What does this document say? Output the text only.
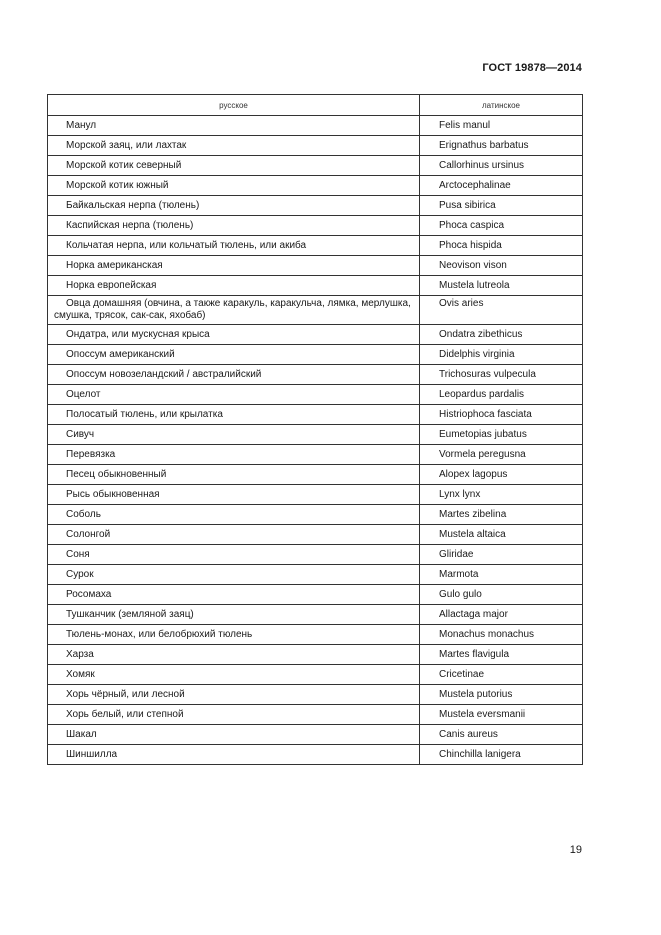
ГОСТ 19878—2014
русское	латинское
Манул	Felis manul
Морской заяц, или лахтак	Erignathus barbatus
Морской котик северный	Callorhinus ursinus
Морской котик южный	Arctocephalinae
Байкальская нерпа (тюлень)	Pusa sibirica
Каспийская нерпа (тюлень)	Phoca caspica
Кольчатая нерпа, или кольчатый тюлень, или акиба	Phoca hispida
Норка американская	Neovison vison
Норка европейская	Mustela lutreola
Овца домашняя (овчина, а также каракуль, каракульча, лямка, мерлушка, смушка, трясок, сак-сак, яхобаб)	Ovis aries
Ондатра, или мускусная крыса	Ondatra zibethicus
Опоссум американский	Didelphis virginia
Опоссум новозеландский / австралийский	Trichosuras vulpecula
Оцелот	Leopardus pardalis
Полосатый тюлень, или крылатка	Histriophoca fasciata
Сивуч	Eumetopias jubatus
Перевязка	Vormela peregusna
Песец обыкновенный	Alopex lagopus
Рысь обыкновенная	Lynx lynx
Соболь	Martes zibelina
Солонгой	Mustela altaica
Соня	Gliridae
Сурок	Marmota
Росомаха	Gulo gulo
Тушканчик (земляной заяц)	Allactaga major
Тюлень-монах, или белобрюхий тюлень	Monachus monachus
Харза	Martes flavigula
Хомяк	Cricetinae
Хорь чёрный, или лесной	Mustela putorius
Хорь белый, или степной	Mustela eversmanii
Шакал	Canis aureus
Шиншилла	Chinchilla lanigera
19
